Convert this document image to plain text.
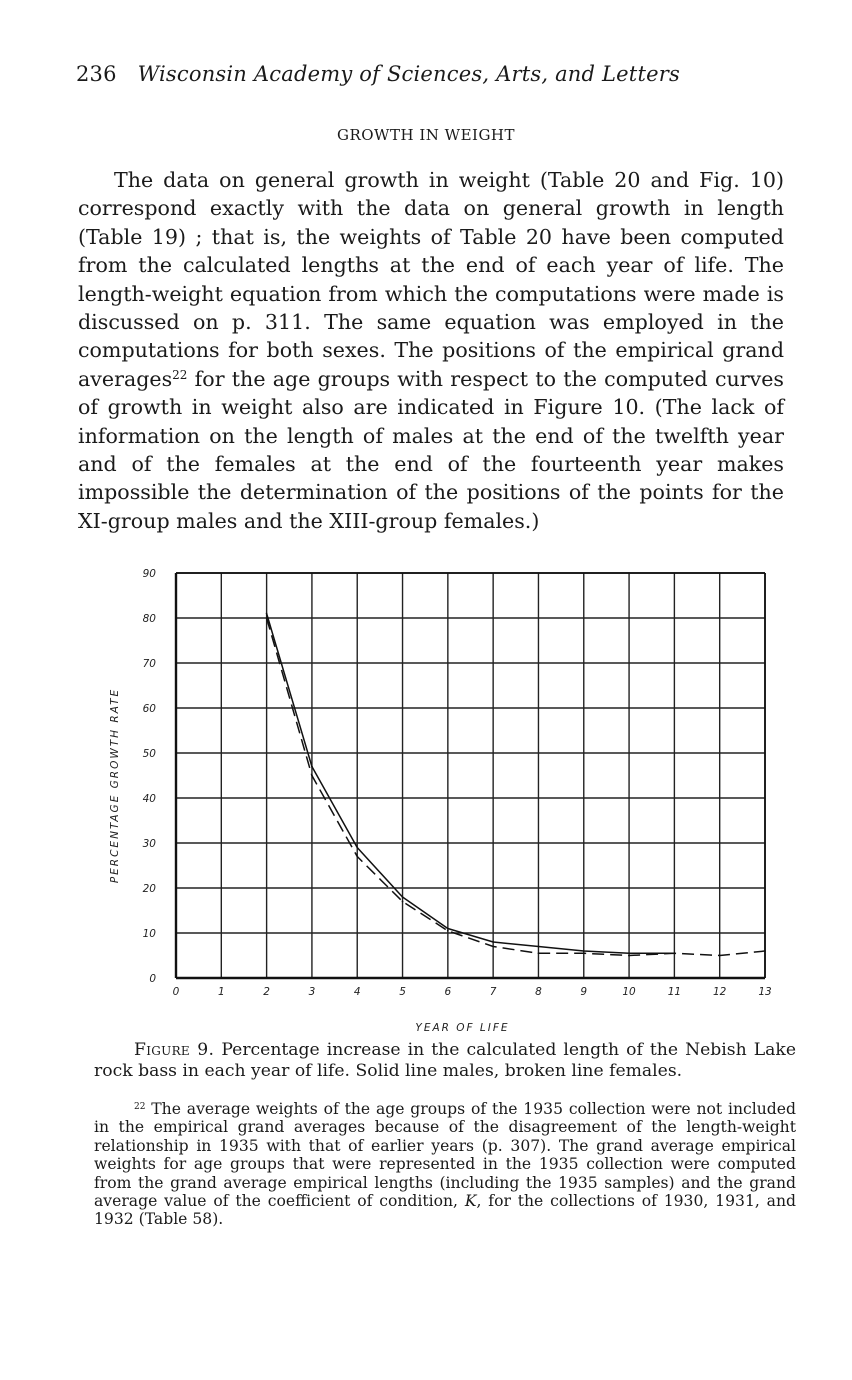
236 Wisconsin Academy of Sciences, Arts, and Letters
GROWTH IN WEIGHT

The data on general growth in weight (Table 20 and Fig. 10) correspond exactly with the data on general growth in length (Table 19) ; that is, the weights of Table 20 have been computed from the calculated lengths at the end of each year of life. The length-weight equation from which the computations were made is discussed on p. 311. The same equation was employed in the computations for both sexes. The positions of the empirical grand averages$^{22}$ for the age groups with respect to the computed curves of growth in weight also are indicated in Figure 10. (The lack of information on the length of males at the end of the twelfth year and of the females at the end of the fourteenth year makes impossible the determination of the positions of the points for the XI-group males and the XIII-group females.)

0
10
20
30
40
50
60
70
80
90
0	1	2	3	4	5	6	7	8	9	10	11	12	13
YEAR OF LIFE
PERCENTAGE GROWTH RATE
Figure 9. Percentage increase in the calculated length of the Nebish Lake rock bass in each year of life. Solid line males, broken line females.
$^{22}$ The average weights of the age groups of the 1935 collection were not included in the empirical grand averages because of the disagreement of the length-weight relationship in 1935 with that of earlier years (p. 307). The grand average empirical weights for age groups that were represented in the 1935 collection were computed from the grand average empirical lengths (including the 1935 samples) and the grand average value of the coefficient of condition, K, for the collections of 1930, 1931, and 1932 (Table 58).
